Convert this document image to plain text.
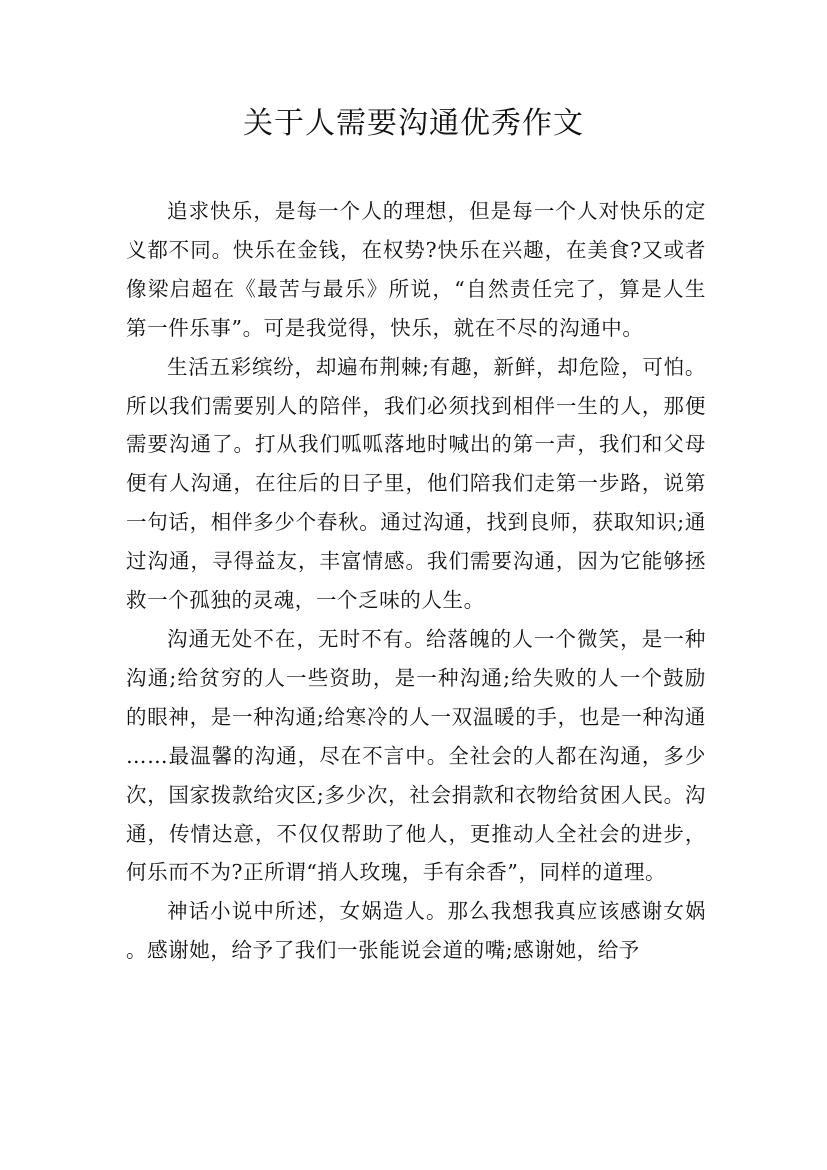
关于人需要沟通优秀作文

追求快乐，是每一个人的理想，但是每一个人对快乐的定义都不同。快乐在金钱，在权势?快乐在兴趣，在美食?又或者像梁启超在《最苦与最乐》所说，“自然责任完了，算是人生第一件乐事”。可是我觉得，快乐，就在不尽的沟通中。

生活五彩缤纷，却遍布荆棘;有趣，新鲜，却危险，可怕。所以我们需要别人的陪伴，我们必须找到相伴一生的人，那便需要沟通了。打从我们呱呱落地时喊出的第一声，我们和父母便有人沟通，在往后的日子里，他们陪我们走第一步路，说第一句话，相伴多少个春秋。通过沟通，找到良师，获取知识;通过沟通，寻得益友，丰富情感。我们需要沟通，因为它能够拯救一个孤独的灵魂，一个乏味的人生。

沟通无处不在，无时不有。给落魄的人一个微笑，是一种沟通;给贫穷的人一些资助，是一种沟通;给失败的人一个鼓励的眼神，是一种沟通;给寒冷的人一双温暖的手，也是一种沟通……最温馨的沟通，尽在不言中。全社会的人都在沟通，多少次，国家拨款给灾区;多少次，社会捐款和衣物给贫困人民。沟通，传情达意，不仅仅帮助了他人，更推动人全社会的进步，何乐而不为?正所谓“捎人玫瑰，手有余香”，同样的道理。

神话小说中所述，女娲造人。那么我想我真应该感谢女娲。感谢她，给予了我们一张能说会道的嘴;感谢她，给予
